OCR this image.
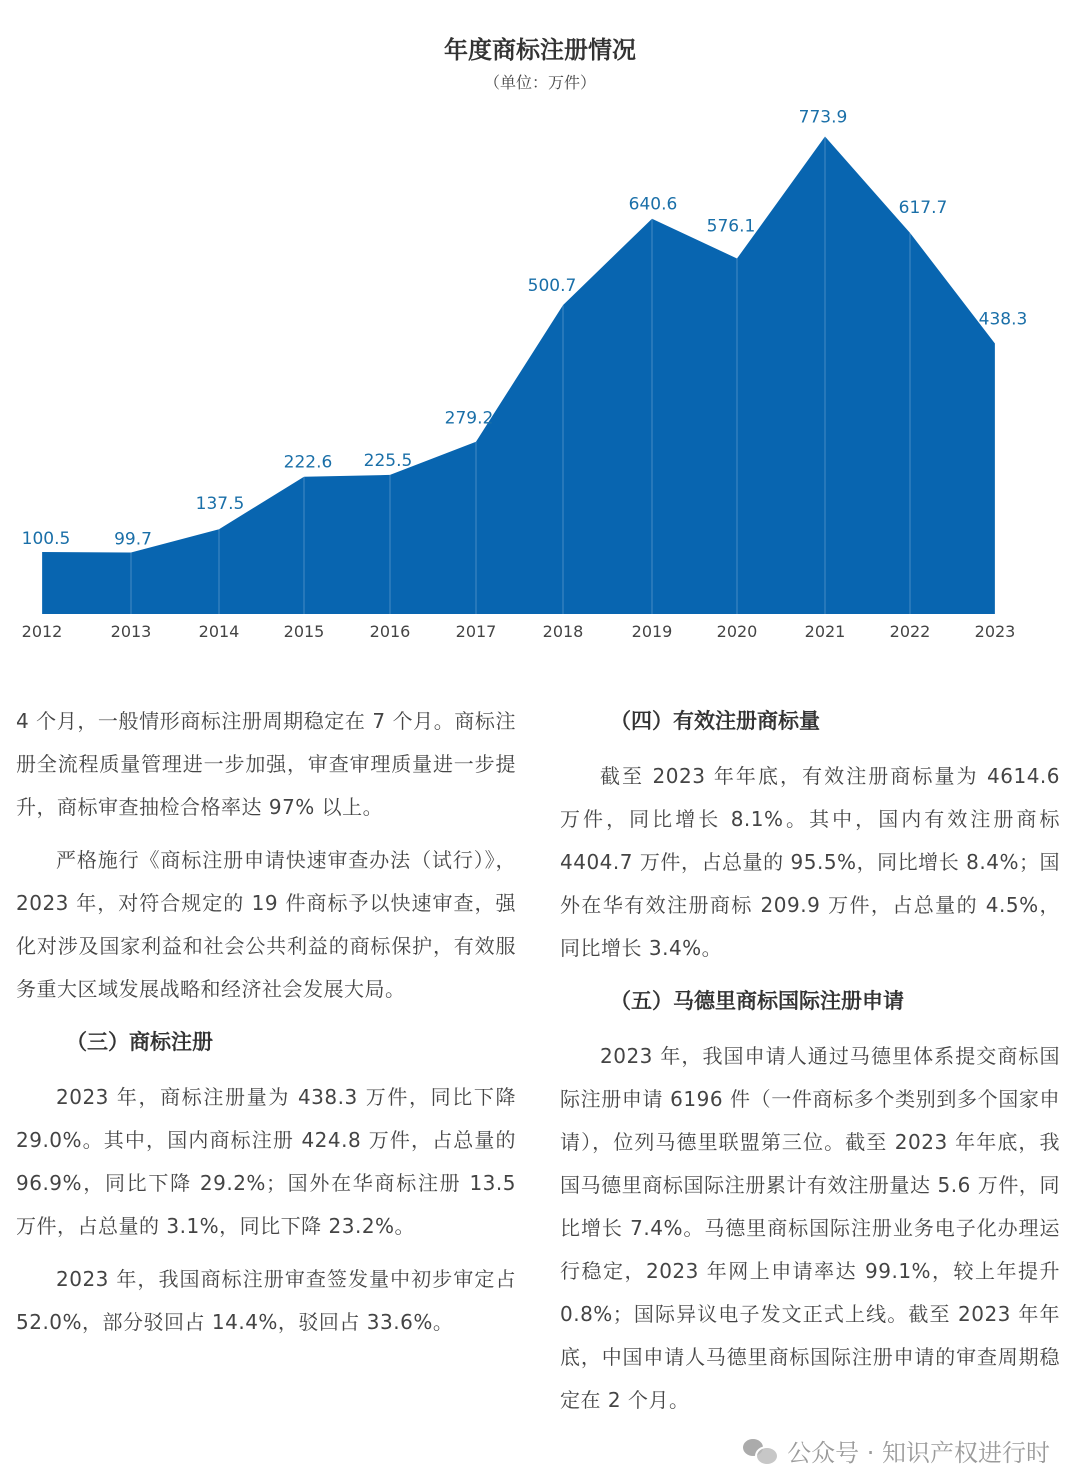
年度商标注册情况
（单位：万件）
100.5	99.7
137.5
222.6 225.5
279.2
500.7
640.6
576.1
773.9
617.7
438.3
2012	2013	2014	2015	2016	2017	2018	2019	2020	2021	2022	2023

4 个月，一般情形商标注册周期稳定在 7 个月。商标注册全流程质量管理进一步加强，审查审理质量进一步提升，商标审查抽检合格率达 97% 以上。

严格施行《商标注册申请快速审查办法（试行）》，2023 年，对符合规定的 19 件商标予以快速审查，强化对涉及国家利益和社会公共利益的商标保护，有效服务重大区域发展战略和经济社会发展大局。

（三）商标注册

2023 年，商标注册量为 438.3 万件，同比下降 29.0%。其中，国内商标注册 424.8 万件，占总量的 96.9%，同比下降 29.2%；国外在华商标注册 13.5 万件，占总量的 3.1%，同比下降 23.2%。

2023 年，我国商标注册审查签发量中初步审定占 52.0%，部分驳回占 14.4%，驳回占 33.6%。

（四）有效注册商标量

截至 2023 年年底，有效注册商标量为 4614.6 万件，同比增长 8.1%。其中，国内有效注册商标 4404.7 万件，占总量的 95.5%，同比增长 8.4%；国外在华有效注册商标 209.9 万件，占总量的 4.5%，同比增长 3.4%。

（五）马德里商标国际注册申请

2023 年，我国申请人通过马德里体系提交商标国际注册申请 6196 件（一件商标多个类别到多个国家申请），位列马德里联盟第三位。截至 2023 年年底，我国马德里商标国际注册累计有效注册量达 5.6 万件，同比增长 7.4%。马德里商标国际注册业务电子化办理运行稳定，2023 年网上申请率达 99.1%，较上年提升 0.8%；国际异议电子发文正式上线。截至 2023 年年底，中国申请人马德里商标国际注册申请的审查周期稳定在 2 个月。

公众号 · 知识产权进行时
